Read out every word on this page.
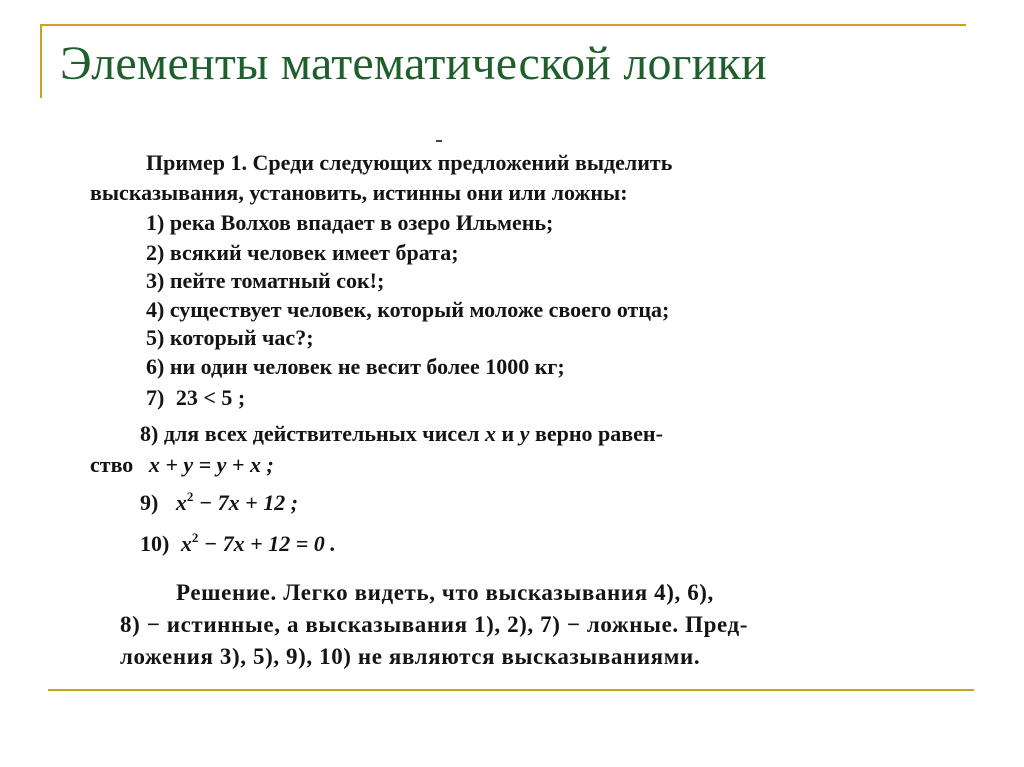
Элементы математической логики
Пример 1. Среди следующих предложений выделить
высказывания, установить, истинны они или ложны:
1) река Волхов впадает в озеро Ильмень;
2) всякий человек имеет брата;
3) пейте томатный сок!;
4) существует человек, который моложе своего отца;
5) который час?;
6) ни один человек не весит более 1000 кг;
7) 23 < 5 ;
8) для всех действительных чисел x и y верно равен-
ство x + y = y + x ;
9) $x^2 - 7x + 12$ ;
10) $x^2 - 7x + 12 = 0$ .
Решение. Легко видеть, что высказывания 4), 6),
8) − истинные, а высказывания 1), 2), 7) − ложные. Пред-
ложения 3), 5), 9), 10) не являются высказываниями.
